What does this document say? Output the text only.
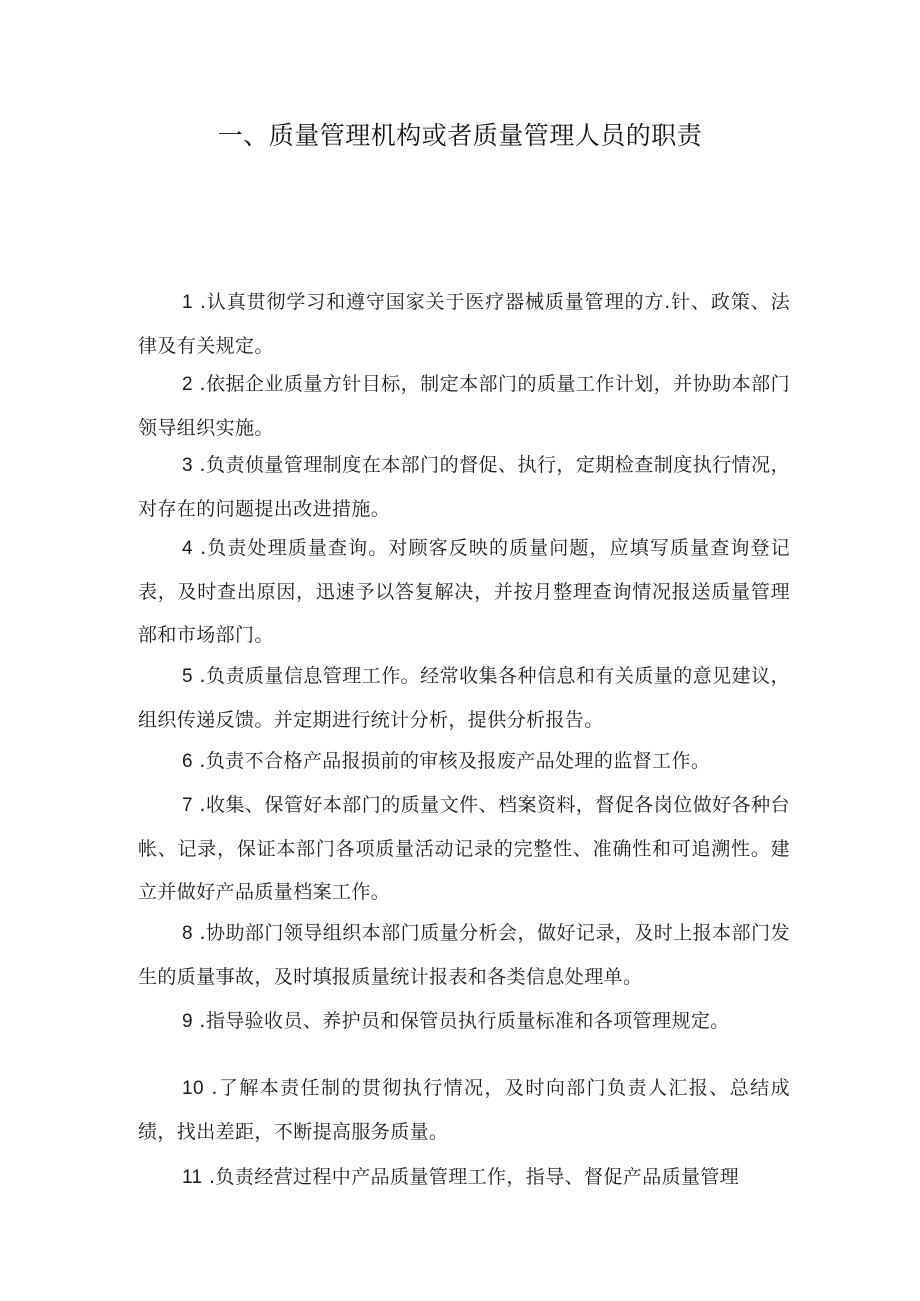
一、质量管理机构或者质量管理人员的职责

1 .认真贯彻学习和遵守国家关于医疗器械质量管理的方.针、政策、法律及有关规定。

2 .依据企业质量方针目标，制定本部门的质量工作计划，并协助本部门领导组织实施。

3 .负责侦量管理制度在本部门的督促、执行，定期检查制度执行情况，对存在的问题提出改进措施。

4 .负责处理质量查询。对顾客反映的质量问题，应填写质量查询登记表，及时查出原因，迅速予以答复解决，并按月整理查询情况报送质量管理部和市场部门。

5 .负责质量信息管理工作。经常收集各种信息和有关质量的意见建议，组织传递反馈。并定期进行统计分析，提供分析报告。

6 .负责不合格产品报损前的审核及报废产品处理的监督工作。

7 .收集、保管好本部门的质量文件、档案资料，督促各岗位做好各种台帐、记录，保证本部门各项质量活动记录的完整性、准确性和可追溯性。建立并做好产品质量档案工作。

8 .协助部门领导组织本部门质量分析会，做好记录，及时上报本部门发生的质量事故，及时填报质量统计报表和各类信息处理单。

9 .指导验收员、养护员和保管员执行质量标准和各项管理规定。

10 .了解本责任制的贯彻执行情况，及时向部门负责人汇报、总结成绩，找出差距，不断提高服务质量。

11 .负责经营过程中产品质量管理工作，指导、督促产品质量管理
